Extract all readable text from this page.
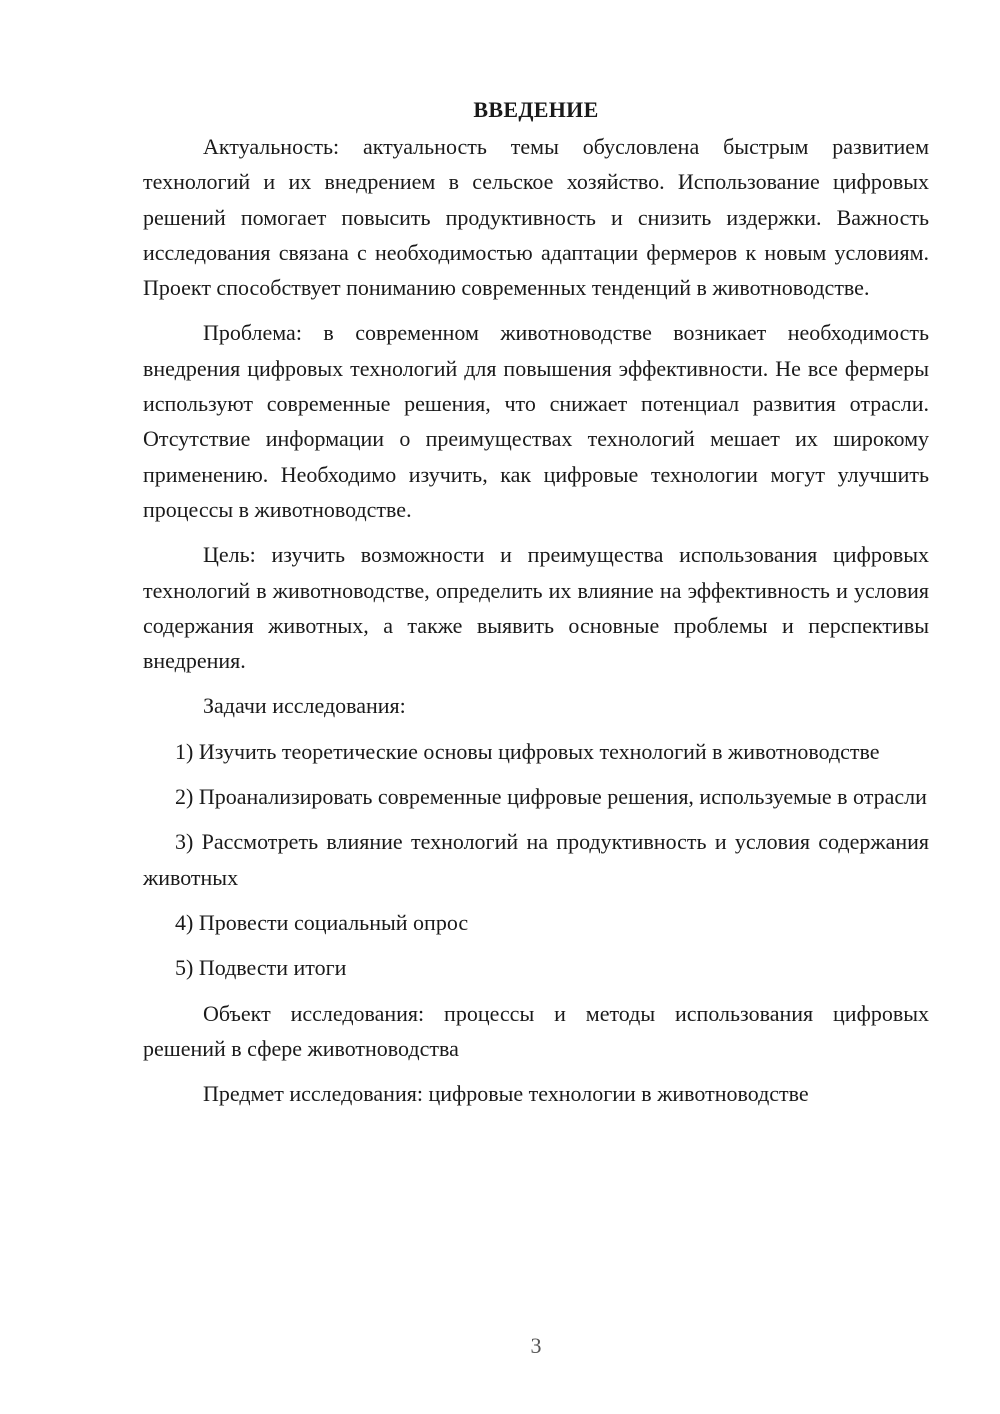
ВВЕДЕНИЕ

Актуальность: актуальность темы обусловлена быстрым развитием технологий и их внедрением в сельское хозяйство. Использование цифровых решений помогает повысить продуктивность и снизить издержки. Важность исследования связана с необходимостью адаптации фермеров к новым условиям. Проект способствует пониманию современных тенденций в животноводстве.

Проблема: в современном животноводстве возникает необходимость внедрения цифровых технологий для повышения эффективности. Не все фермеры используют современные решения, что снижает потенциал развития отрасли. Отсутствие информации о преимуществах технологий мешает их широкому применению. Необходимо изучить, как цифровые технологии могут улучшить процессы в животноводстве.

Цель: изучить возможности и преимущества использования цифровых технологий в животноводстве, определить их влияние на эффективность и условия содержания животных, а также выявить основные проблемы и перспективы внедрения.

Задачи исследования:

1) Изучить теоретические основы цифровых технологий в животноводстве

2) Проанализировать современные цифровые решения, используемые в отрасли

3) Рассмотреть влияние технологий на продуктивность и условия содержания животных

4) Провести социальный опрос

5) Подвести итоги

Объект исследования: процессы и методы использования цифровых решений в сфере животноводства

Предмет исследования: цифровые технологии в животноводстве

3
